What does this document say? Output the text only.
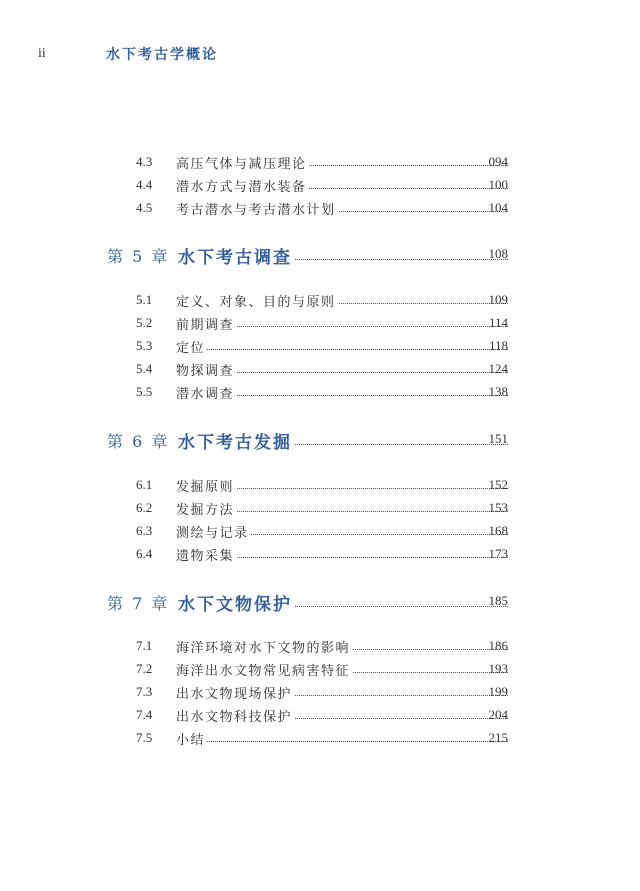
ii	水下考古学概论
4.3	高压气体与减压理论	094
4.4	潜水方式与潜水装备	100
4.5	考古潜水与考古潜水计划	104
第 5 章 水下考古调查	108
5.1	定义、对象、目的与原则	109
5.2	前期调查	114
5.3	定位	118
5.4	物探调查	124
5.5	潜水调查	138
第 6 章 水下考古发掘	151
6.1	发掘原则	152
6.2	发掘方法	153
6.3	测绘与记录	168
6.4	遗物采集	173
第 7 章 水下文物保护	185
7.1	海洋环境对水下文物的影响	186
7.2	海洋出水文物常见病害特征	193
7.3	出水文物现场保护	199
7.4	出水文物科技保护	204
7.5	小结	215
